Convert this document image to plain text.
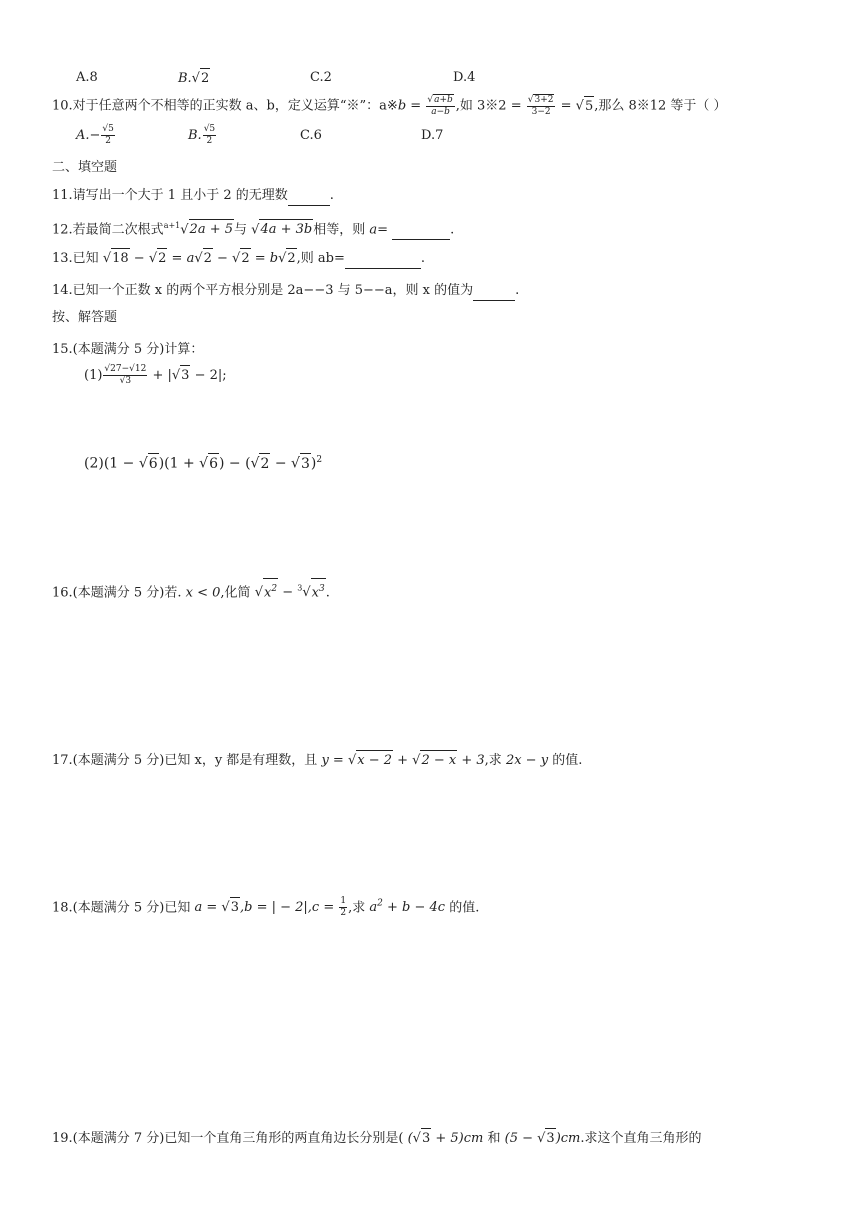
A.8	B.√2	C.2	D.4
10.对于任意两个不相等的正实数 a、b，定义运算“※”：a※b = $\frac{√a+b}{a-b}$ ,如 3※2 = $\frac{√3+2}{3-2} = √5$,那么 8※12 等于（ ）
$A.- \frac{√5}{2}$	B. $\frac{√5}{2}$	C.6	D.7
二、填空题
11.请写出一个大于 1 且小于 2 的无理数	.
12.若最简二次根式$^{a+1}$√2a + 5与 √4a + 3b相等，则 a=	.
13.已知 √18 − √2 = a√2 − √2 = b√2,则 ab=	.
14.已知一个正数 x 的两个平方根分别是 2a−−3 与 5−−a，则 x 的值为	.
按、解答题
15.(本题满分 5 分)计算：
$(1) \frac{√27-√12}{√3} + |√3 - 2|$;
$(2)(1 - √6)(1 + √6) - (√2 - √3)^2$
16.(本题满分 5 分)若. x < 0,化简 $√x^2 - ^3√x^3$.
17.(本题满分 5 分)已知 x，y 都是有理数，且 y = √x − 2 + √2 − x + 3,求 2x − y 的值.
18.(本题满分 5 分)已知 a = √3,b = | − $2|,c = \frac{1}{2}$ ,求 $a^2 + b - 4c$ 的值.
19.(本题满分 7 分)已知一个直角三角形的两直角边长分别是( (√3 + 5)cm 和 (5 − √3)cm.求这个直角三角形的
